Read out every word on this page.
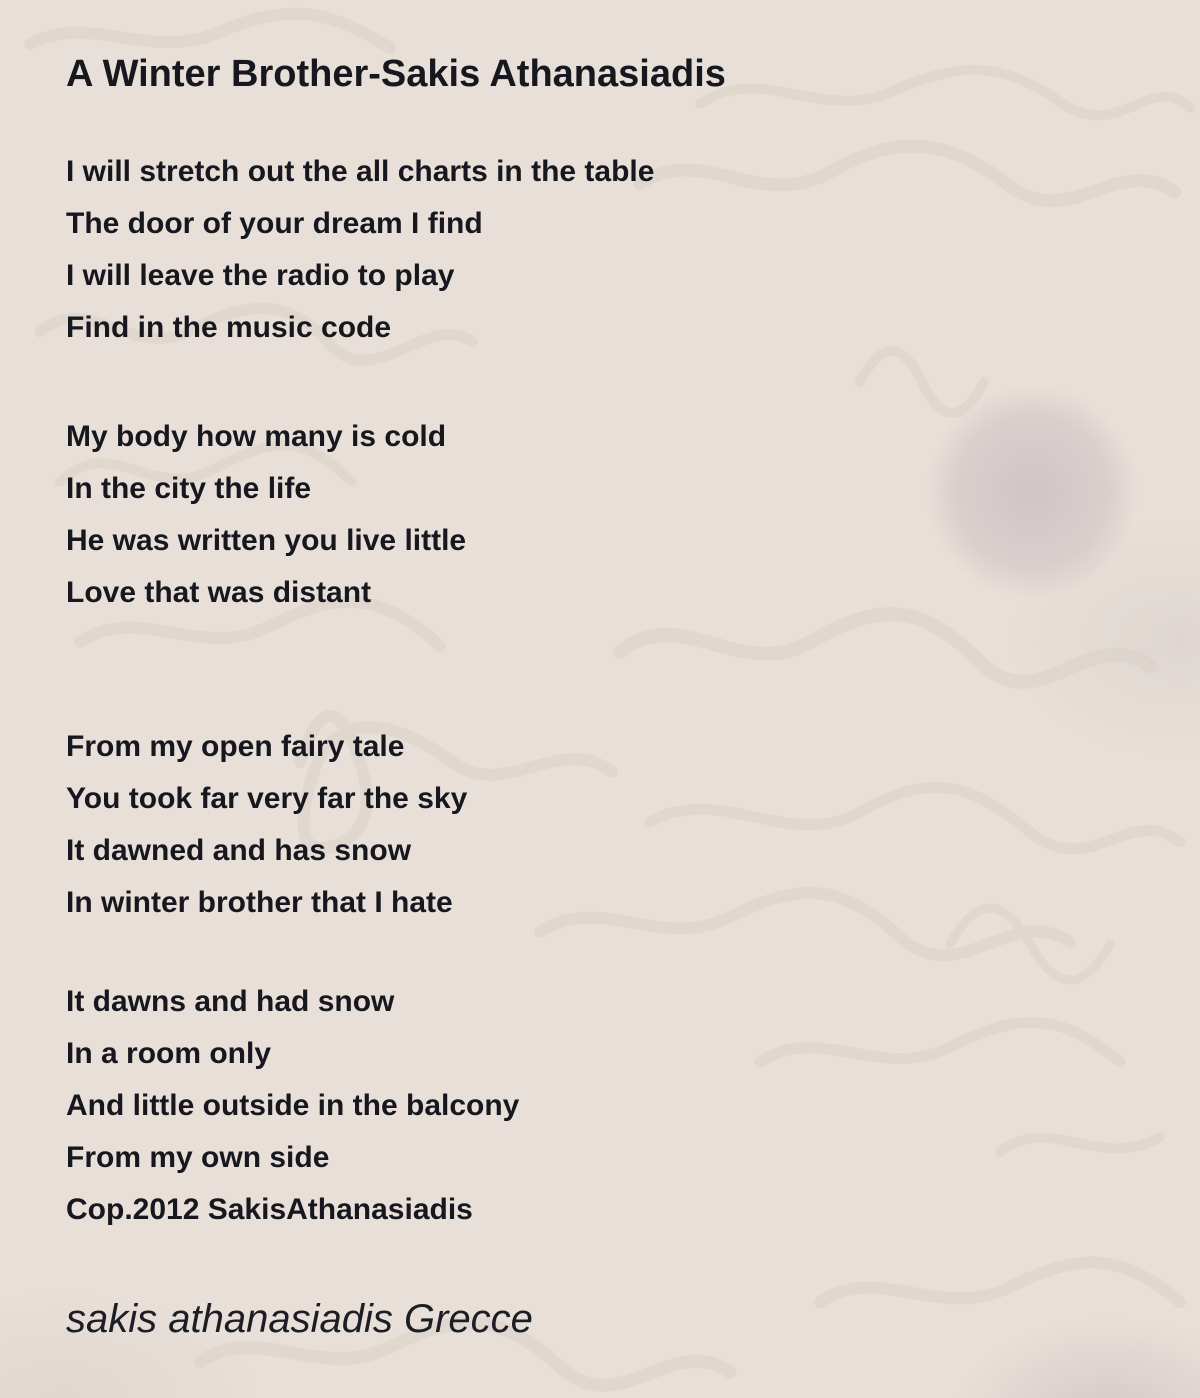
A Winter Brother-Sakis Athanasiadis

I will stretch out the all charts in the table

The door of your dream I find

I will leave the radio to play

Find in the music code

My body how many is cold

In the city the life

He was written you live little

Love that was distant

From my open fairy tale

You took far very far the sky

It dawned and has snow

In winter brother that I hate

It dawns and had snow

In a room only

And little outside in the balcony

From my own side

Cop.2012 SakisAthanasiadis

sakis athanasiadis Grecce
